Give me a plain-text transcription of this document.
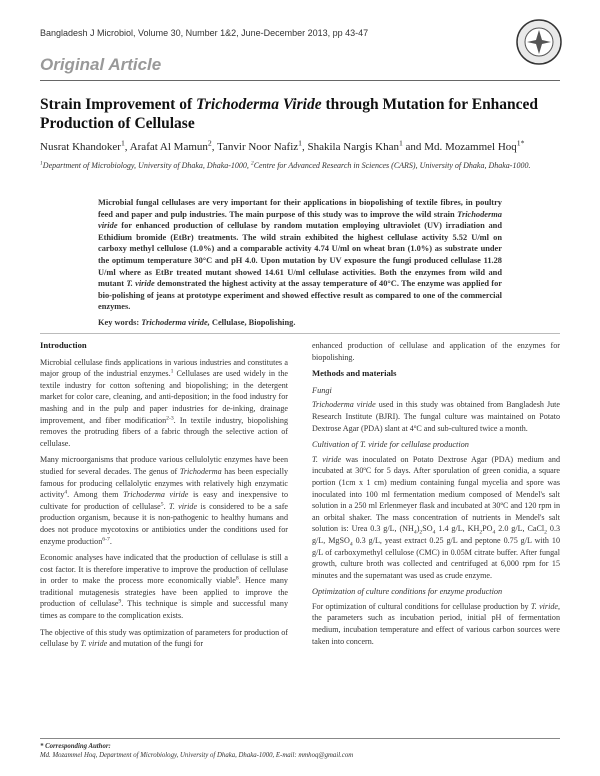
Bangladesh J Microbiol, Volume 30, Number 1&2, June-December 2013, pp 43-47
Original Article
Strain Improvement of Trichoderma Viride through Mutation for Enhanced Production of Cellulase
Nusrat Khandoker$^1$, Arafat Al Mamun$^2$, Tanvir Noor Nafiz$^1$, Shakila Nargis Khan$^1$ and Md. Mozammel Hoq$^{1*}$
$^1$Department of Microbiology, University of Dhaka, Dhaka-1000, $^2$Centre for Advanced Research in Sciences (CARS), University of Dhaka, Dhaka-1000.
Microbial fungal cellulases are very important for their applications in biopolishing of textile fibres, in poultry feed and paper and pulp industries. The main purpose of this study was to improve the wild strain Trichoderma viride for enhanced production of cellulase by random mutation employing ultraviolet (UV) irradiation and Ethidium bromide (EtBr) treatments. The wild strain exhibited the highest cellulase activity 5.52 U/ml on carboxy methyl cellulose (1.0%) and a comparable activity 4.74 U/ml on wheat bran (1.0%) as substrate under the optimum temperature 30°C and pH 4.0. Upon mutation by UV exposure the fungi produced cellulase 11.28 U/ml where as EtBr treated mutant showed 14.61 U/ml cellulase activities. Both the enzymes from wild and mutant T. viride demonstrated the highest activity at the assay temperature of 40°C. The enzyme was applied for bio-polishing of jeans at prototype experiment and showed effective result as compared to one of the commercial enzymes.
Key words: Trichoderma viride, Cellulase, Biopolishing.
Introduction

Microbial cellulase finds applications in various industries and constitutes a major group of the industrial enzymes.$^1$ Cellulases are used widely in the textile industry for cotton softening and biopolishing; in the detergent market for color care, cleaning, and anti-deposition; in the food industry for mashing and in the pulp and paper industries for de-inking, drainage improvement, and fiber modification$^{2-3}$. In textile industry, biopolishing removes the protruding fibers of a fabric through the selective action of cellulase.

Many microorganisms that produce various cellulolytic enzymes have been studied for several decades. The genus of Trichoderma has been especially famous for producing cellalolytic enzymes with relatively high enzymatic activity$^4$. Among them Trichoderma viride is easy and inexpensive to cultivate for production of cellulase$^5$. T. viride is considered to be a safe production organism, because it is non-pathogenic to healthy humans and does not produce mycotoxins or antibiotics under the conditions used for enzyme production$^{6-7}$.

Economic analyses have indicated that the production of cellulase is still a cost factor. It is therefore imperative to improve the production of cellulase in order to make the process more economically viable$^8$. Hence many traditional mutagenesis strategies have been applied to improve the production of cellulase$^9$. This technique is simple and successful many times as compare to the complication exists.

The objective of this study was optimization of parameters for production of cellulase by T. viride and mutation of the fungi for

enhanced production of cellulase and application of the enzymes for biopolishing.

Methods and materials
Fungi

Trichoderma viride used in this study was obtained from Bangladesh Jute Research Institute (BJRI). The fungal culture was maintained on Potato Dextrose Agar (PDA) slant at 4ºC and sub-cultured twice a month.

Cultivation of T. viride for cellulase production

T. viride was inoculated on Potato Dextrose Agar (PDA) medium and incubated at 30ºC for 5 days. After sporulation of green conidia, a square portion (1cm x 1 cm) medium containing fungal mycelia and spore was inoculated into 100 ml fermentation medium composed of Mendel's salt solution in a 250 ml Erlenmeyer flask and incubated at 30ºC and 120 rpm in an orbital shaker. The mass concentration of nutrients in Mendel's salt solution is: Urea 0.3 g/L, $(NH_4)_2SO_4$ 1.4 g/L, $KH_2PO_4$ 2.0 g/L, CaCl$_2$ 0.3 g/L, MgSO$_4$ 0.3 g/L, yeast extract 0.25 g/L and peptone 0.75 g/L with 10 g/L of carboxymethyl cellulose (CMC) in 0.05M citrate buffer. After fungal growth, culture broth was collected and centrifuged at 6,000 rpm for 15 minutes and the supernatant was used as crude enzyme.

Optimization of culture conditions for enzyme production

For optimization of cultural conditions for cellulase production by T. viride, the parameters such as incubation period, initial pH of fermentation medium, incubation temperature and effect of various carbon sources were taken into concern.

* Corresponding Author:
Md. Mozammel Hoq, Department of Microbiology, University of Dhaka, Dhaka-1000, E-mail: mmhoq@gmail.com
